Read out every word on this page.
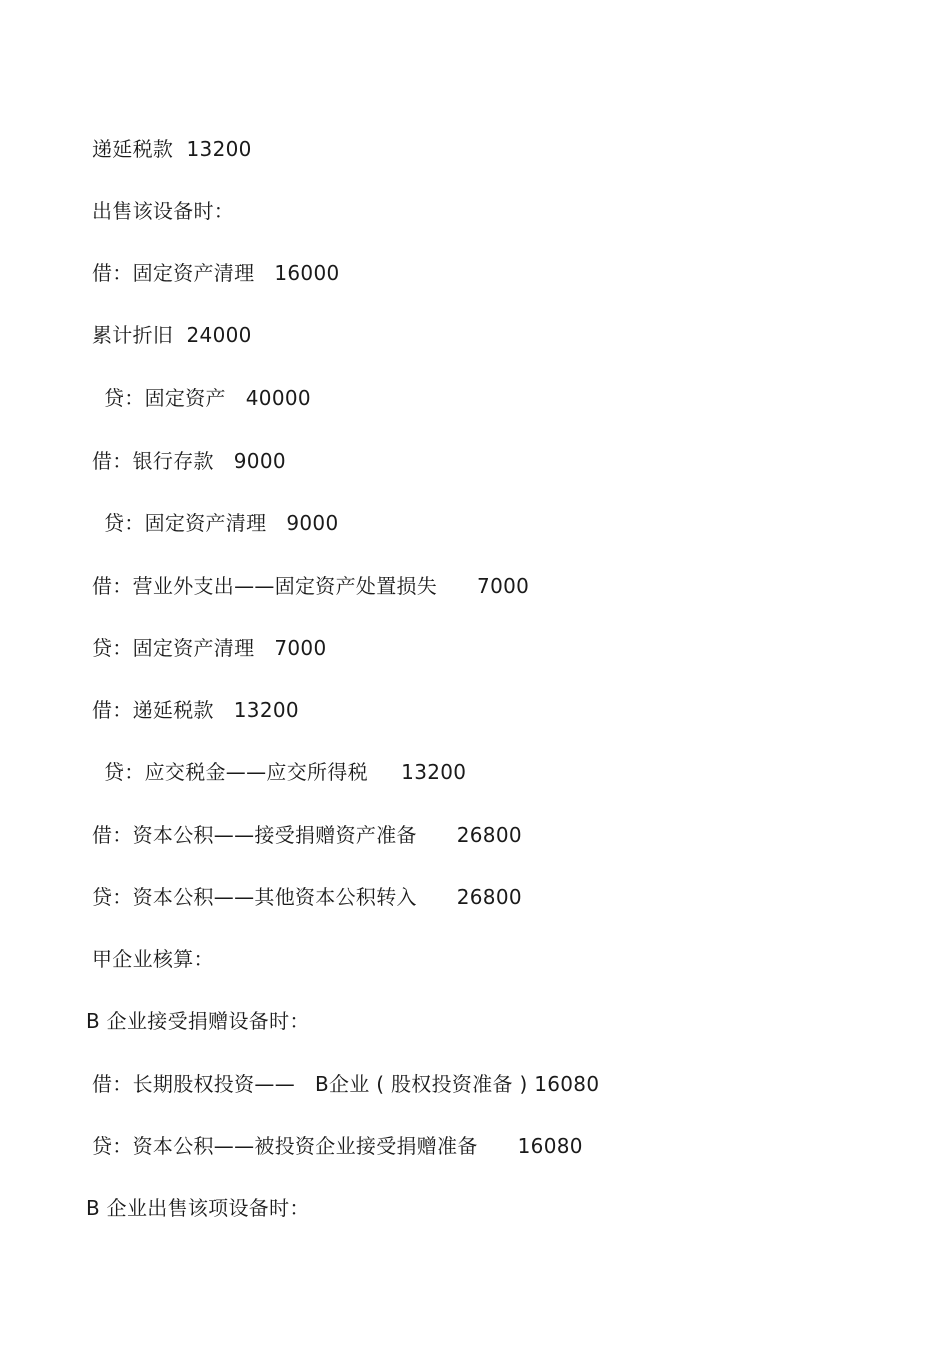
递延税款  13200
出售该设备时：
借：固定资产清理   16000
累计折旧  24000
贷：固定资产   40000
借：银行存款   9000
贷：固定资产清理   9000
借：营业外支出——固定资产处置损失      7000
贷：固定资产清理   7000
借：递延税款   13200
贷：应交税金——应交所得税     13200
借：资本公积——接受捐赠资产准备      26800
贷：资本公积——其他资本公积转入      26800
甲企业核算：
B 企业接受捐赠设备时：
借：长期股权投资——   B企业 ( 股权投资准备 ) 16080
贷：资本公积——被投资企业接受捐赠准备      16080
B 企业出售该项设备时：
